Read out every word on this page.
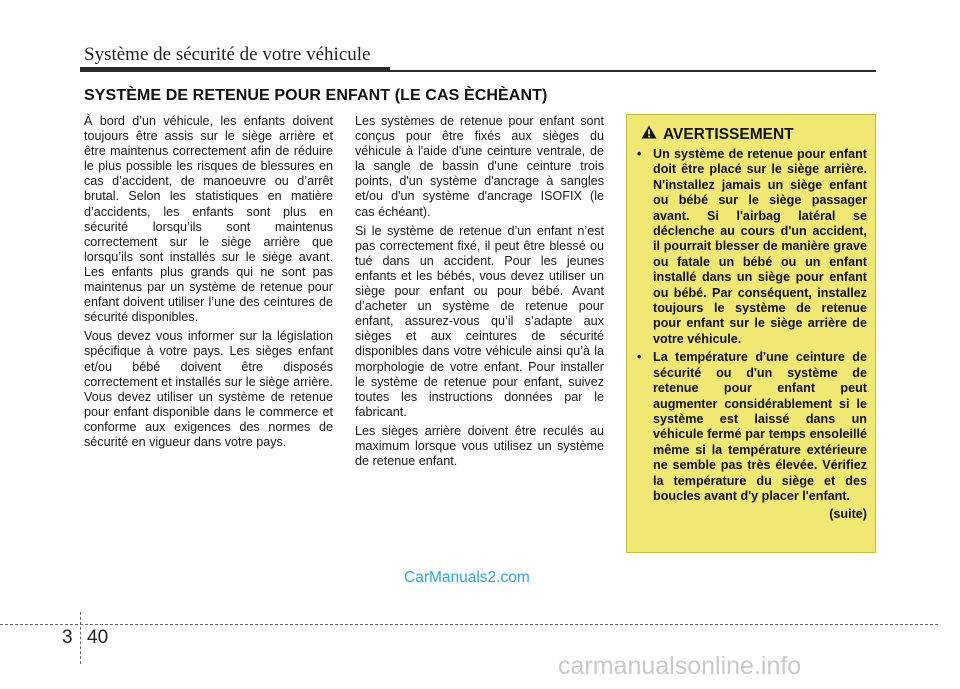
Système de sécurité de votre véhicule
SYSTÈME DE RETENUE POUR ENFANT (LE CAS ÈCHÈANT)

À bord d’un véhicule, les enfants doivent toujours être assis sur le siège arrière et être maintenus correctement afin de réduire le plus possible les risques de blessures en cas d’accident, de manoeuvre ou d’arrêt brutal. Selon les statistiques en matière d’accidents, les enfants sont plus en sécurité lorsqu’ils sont maintenus correctement sur le siège arrière que lorsqu’ils sont installés sur le siège avant. Les enfants plus grands qui ne sont pas maintenus par un système de retenue pour enfant doivent utiliser l’une des ceintures de sécurité disponibles.

Vous devez vous informer sur la législation spécifique à votre pays. Les sièges enfant et/ou bébé doivent être disposés correctement et installés sur le siège arrière. Vous devez utiliser un système de retenue pour enfant disponible dans le commerce et conforme aux exigences des normes de sécurité en vigueur dans votre pays.

Les systèmes de retenue pour enfant sont conçus pour être fixés aux sièges du véhicule à l'aide d'une ceinture ventrale, de la sangle de bassin d'une ceinture trois points, d'un système d'ancrage à sangles et/ou d'un système d'ancrage ISOFIX (le cas échéant).

Si le système de retenue d’un enfant n’est pas correctement fixé, il peut être blessé ou tué dans un accident. Pour les jeunes enfants et les bébés, vous devez utiliser un siège pour enfant ou pour bébé. Avant d’acheter un système de retenue pour enfant, assurez-vous qu’il s’adapte aux sièges et aux ceintures de sécurité disponibles dans votre véhicule ainsi qu’à la morphologie de votre enfant. Pour installer le système de retenue pour enfant, suivez toutes les instructions données par le fabricant.

Les sièges arrière doivent être reculés au maximum lorsque vous utilisez un système de retenue enfant.

AVERTISSEMENT
• Un système de retenue pour enfant doit être placé sur le siège arrière. N'installez jamais un siège enfant ou bébé sur le siège passager avant. Si l'airbag latéral se déclenche au cours d'un accident, il pourrait blesser de manière grave ou fatale un bébé ou un enfant installé dans un siège pour enfant ou bébé. Par conséquent, installez toujours le système de retenue pour enfant sur le siège arrière de votre véhicule.
• La température d'une ceinture de sécurité ou d'un système de retenue pour enfant peut augmenter considérablement si le système est laissé dans un véhicule fermé par temps ensoleillé même si la température extérieure ne semble pas très élevée. Vérifiez la température du siège et des boucles avant d'y placer l'enfant.
(suite)
CarManuals2.com
3 40
carmanualsonline.info
